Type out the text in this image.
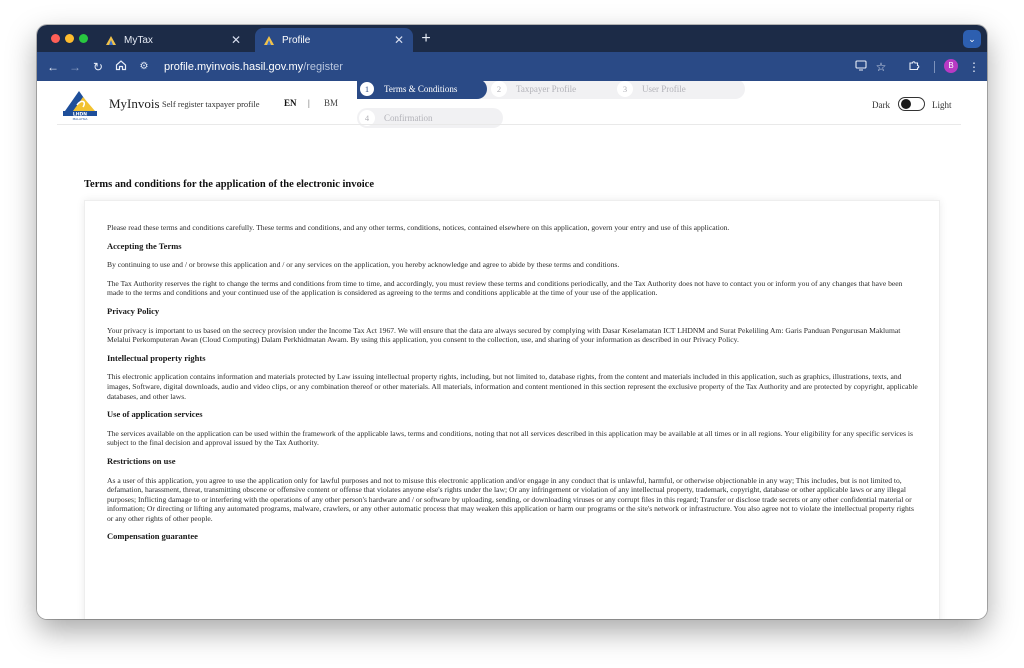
MyTax	✕	Profile	✕ +	⌄
← → ↻	⚙	profile.myinvois.hasil.gov.my /register	☆	B	⋮
LHDN
MALAYSIA
MyInvois Self register taxpayer profile	EN | BM
2	Taxpayer Profile	3	User Profile
1	Terms & Conditions
4	Confirmation
Dark	Light
Terms and conditions for the application of the electronic invoice

Please read these terms and conditions carefully. These terms and conditions, and any other terms, conditions, notices, contained elsewhere on this application, govern your entry and use of this application.

Accepting the Terms

By continuing to use and / or browse this application and / or any services on the application, you hereby acknowledge and agree to abide by these terms and conditions.

The Tax Authority reserves the right to change the terms and conditions from time to time, and accordingly, you must review these terms and conditions periodically, and the Tax Authority does not have to contact you or inform you of any changes that have been made to the terms and conditions and your continued use of the application is considered as agreeing to the terms and conditions applicable at the time of your use of the application.

Privacy Policy

Your privacy is important to us based on the secrecy provision under the Income Tax Act 1967. We will ensure that the data are always secured by complying with Dasar Keselamatan ICT LHDNM and Surat Pekeliling Am: Garis Panduan Pengurusan Maklumat Melalui Perkomputeran Awan (Cloud Computing) Dalam Perkhidmatan Awam. By using this application, you consent to the collection, use, and sharing of your information as described in our Privacy Policy.

Intellectual property rights

This electronic application contains information and materials protected by Law issuing intellectual property rights, including, but not limited to, database rights, from the content and materials included in this application, such as graphics, illustrations, texts, and images, Software, digital downloads, audio and video clips, or any combination thereof or other materials. All materials, information and content mentioned in this section represent the exclusive property of the Tax Authority and are protected by copyright, applicable databases, and other laws.

Use of application services

The services available on the application can be used within the framework of the applicable laws, terms and conditions, noting that not all services described in this application may be available at all times or in all regions. Your eligibility for any specific services is subject to the final decision and approval issued by the Tax Authority.

Restrictions on use

As a user of this application, you agree to use the application only for lawful purposes and not to misuse this electronic application and/or engage in any conduct that is unlawful, harmful, or otherwise objectionable in any way; This includes, but is not limited to, defamation, harassment, threat, transmitting obscene or offensive content or offense that violates anyone else's rights under the law; Or any infringement or violation of any intellectual property, trademark, copyright, database or other applicable laws or any illegal purposes; Inflicting damage to or interfering with the operations of any other person's hardware and / or software by uploading, sending, or downloading viruses or any corrupt files in this regard; Transfer or disclose trade secrets or any other confidential material or information; Or directing or lifting any automated programs, malware, crawlers, or any other automatic process that may weaken this application or harm our programs or the site's network or infrastructure. You also agree not to violate the intellectual property rights or any other rights of other people.

Compensation guarantee
